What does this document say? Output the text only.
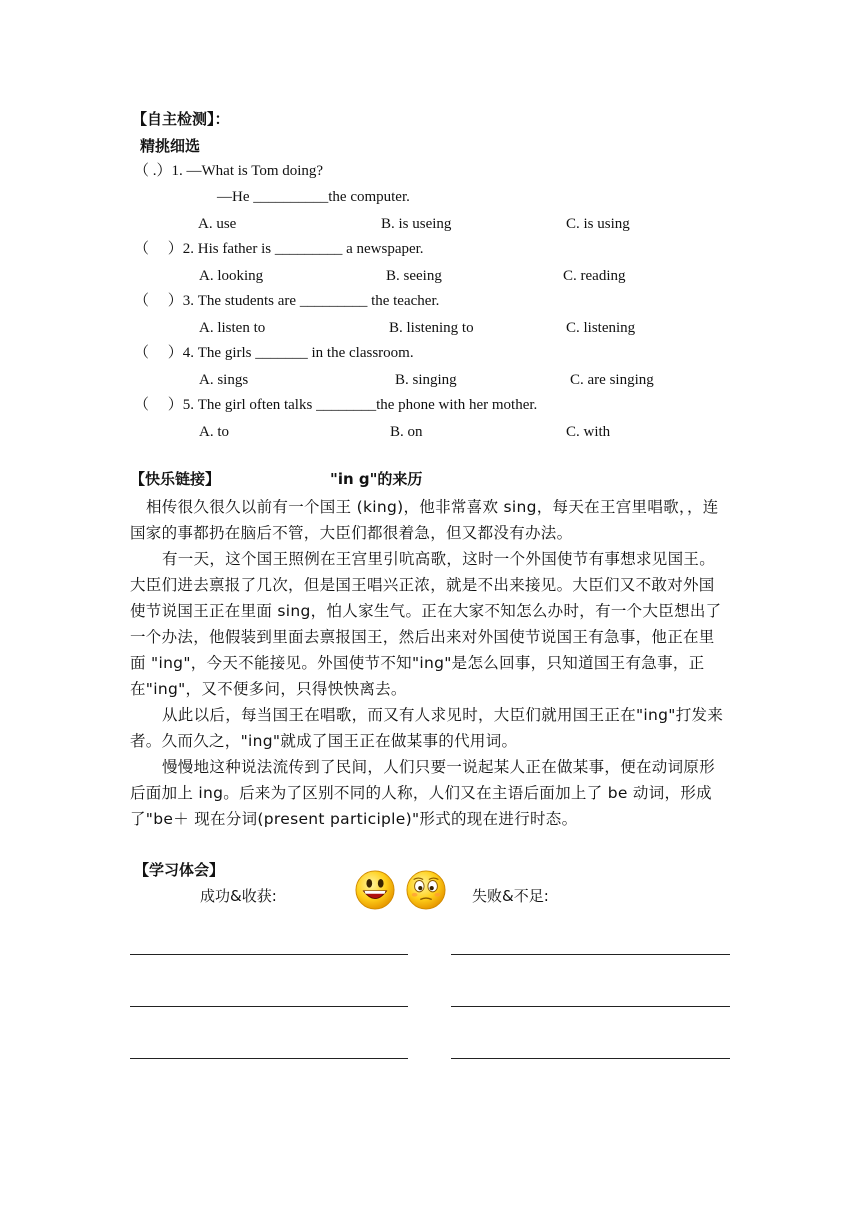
【自主检测】：
精挑细选
（ .）1. —What is Tom doing?
—He __________the computer.
A. use	B. is useing	C. is using
（　 ）2. His father is _________ a newspaper.
A. looking	B. seeing	C. reading
（　 ）3. The students are _________ the teacher.
A. listen to	B. listening to	C. listening
（　 ）4. The girls _______ in the classroom.
A. sings	B. singing	C. are singing
（　 ）5. The girl often talks ________the phone with her mother.
A. to	B. on	C. with
【快乐链接】	"in g"的来历

相传很久很久以前有一个国王 (king)，他非常喜欢 sing，每天在王宫里唱歌，，连国家的事都扔在脑后不管，大臣们都很着急，但又都没有办法。

有一天，这个国王照例在王宫里引吭高歌，这时一个外国使节有事想求见国王。大臣们进去禀报了几次，但是国王唱兴正浓，就是不出来接见。大臣们又不敢对外国使节说国王正在里面 sing，怕人家生气。正在大家不知怎么办时，有一个大臣想出了一个办法，他假装到里面去禀报国王，然后出来对外国使节说国王有急事，他正在里面 "ing"，今天不能接见。外国使节不知"ing"是怎么回事，只知道国王有急事，正在"ing"，又不便多问，只得怏怏离去。

从此以后，每当国王在唱歌，而又有人求见时，大臣们就用国王正在"ing"打发来者。久而久之，"ing"就成了国王正在做某事的代用词。

慢慢地这种说法流传到了民间，人们只要一说起某人正在做某事，便在动词原形后面加上 ing。后来为了区别不同的人称，人们又在主语后面加上了 be 动词，形成了"be＋ 现在分词(present participle)"形式的现在进行时态。

【学习体会】
成功&收获:	失败&不足:
